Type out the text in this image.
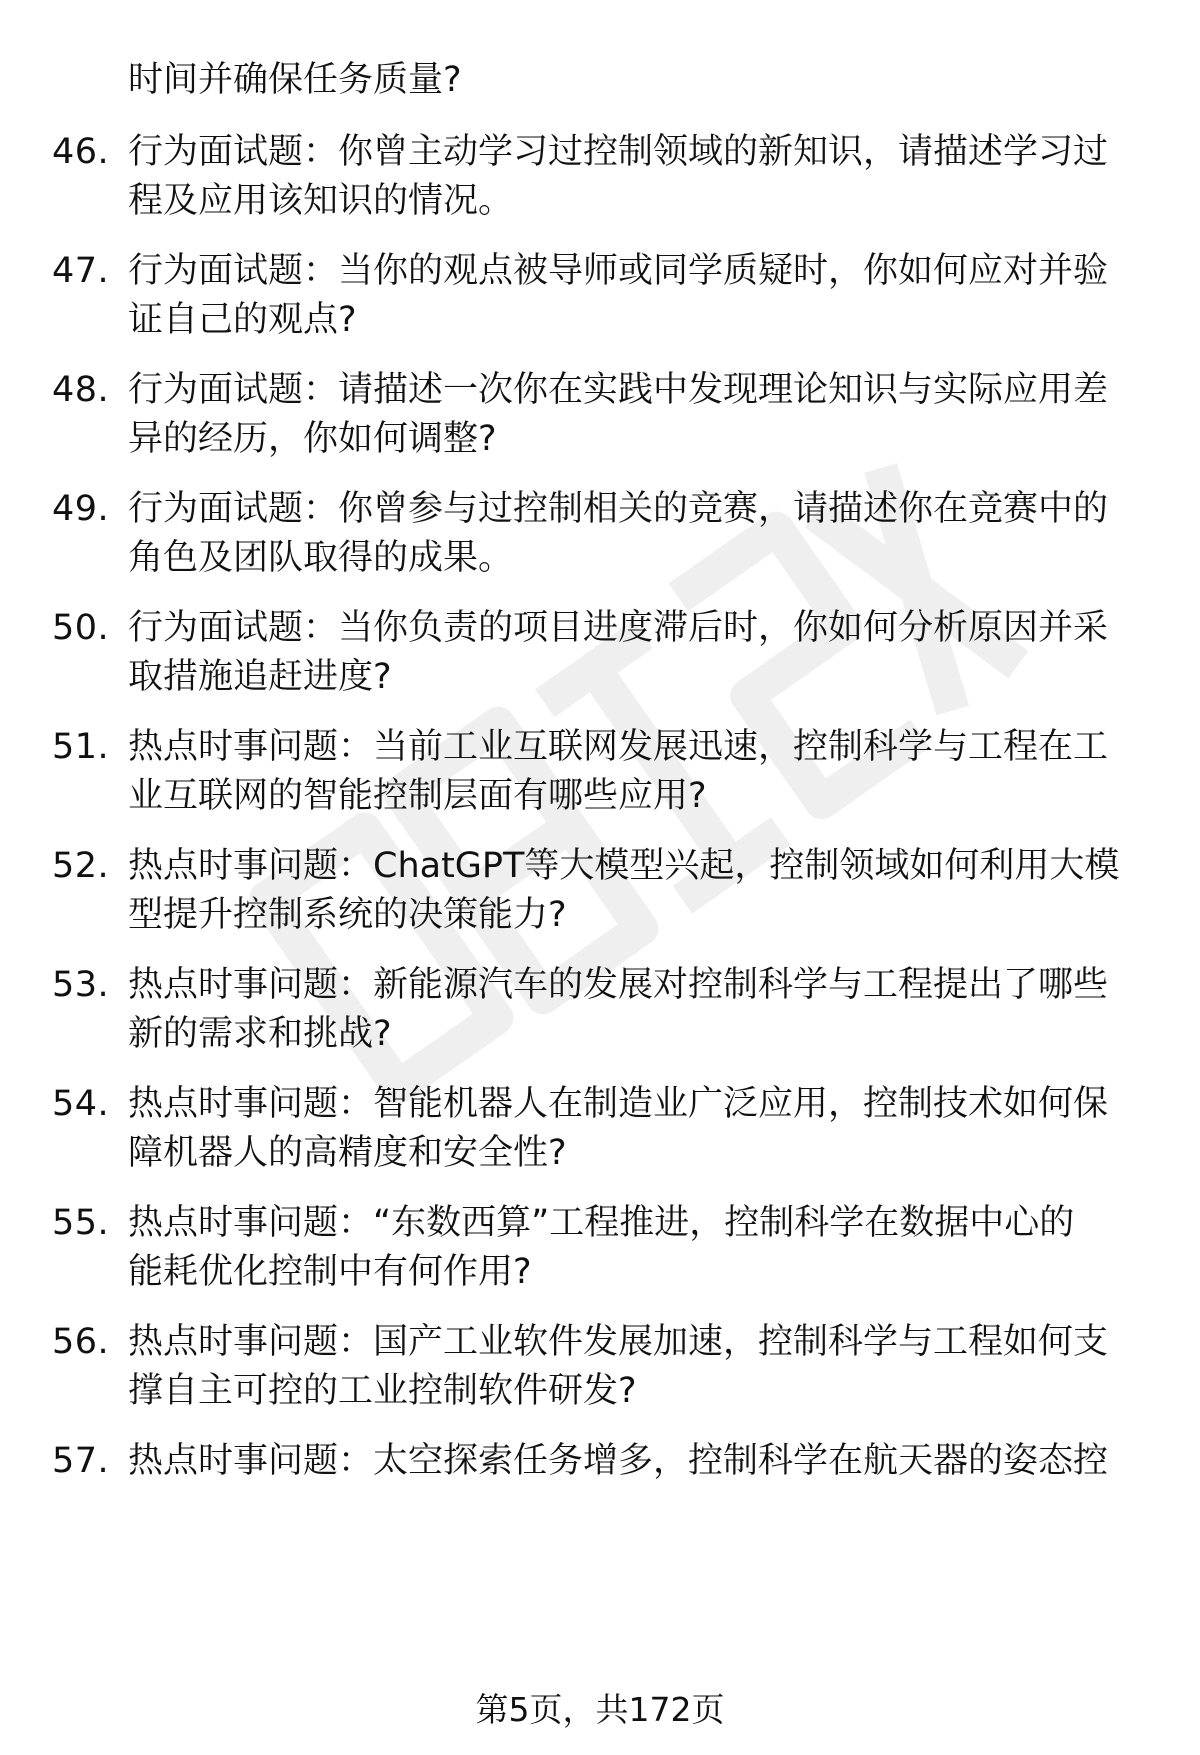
时间并确保任务质量?

46. 行为面试题：你曾主动学习过控制领域的新知识，请描述学习过
程及应用该知识的情况。

47. 行为面试题：当你的观点被导师或同学质疑时，你如何应对并验
证自己的观点?

48. 行为面试题：请描述一次你在实践中发现理论知识与实际应用差
异的经历，你如何调整?

49. 行为面试题：你曾参与过控制相关的竞赛，请描述你在竞赛中的
角色及团队取得的成果。

50. 行为面试题：当你负责的项目进度滞后时，你如何分析原因并采
取措施追赶进度?

51. 热点时事问题：当前工业互联网发展迅速，控制科学与工程在工
业互联网的智能控制层面有哪些应用?

52. 热点时事问题：ChatGPT等大模型兴起，控制领域如何利用大模
型提升控制系统的决策能力?

53. 热点时事问题：新能源汽车的发展对控制科学与工程提出了哪些
新的需求和挑战?

54. 热点时事问题：智能机器人在制造业广泛应用，控制技术如何保
障机器人的高精度和安全性?

55. 热点时事问题：“东数西算”工程推进，控制科学在数据中心的
能耗优化控制中有何作用?

56. 热点时事问题：国产工业软件发展加速，控制科学与工程如何支
撑自主可控的工业控制软件研发?

57. 热点时事问题：太空探索任务增多，控制科学在航天器的姿态控

第5页，共172页
